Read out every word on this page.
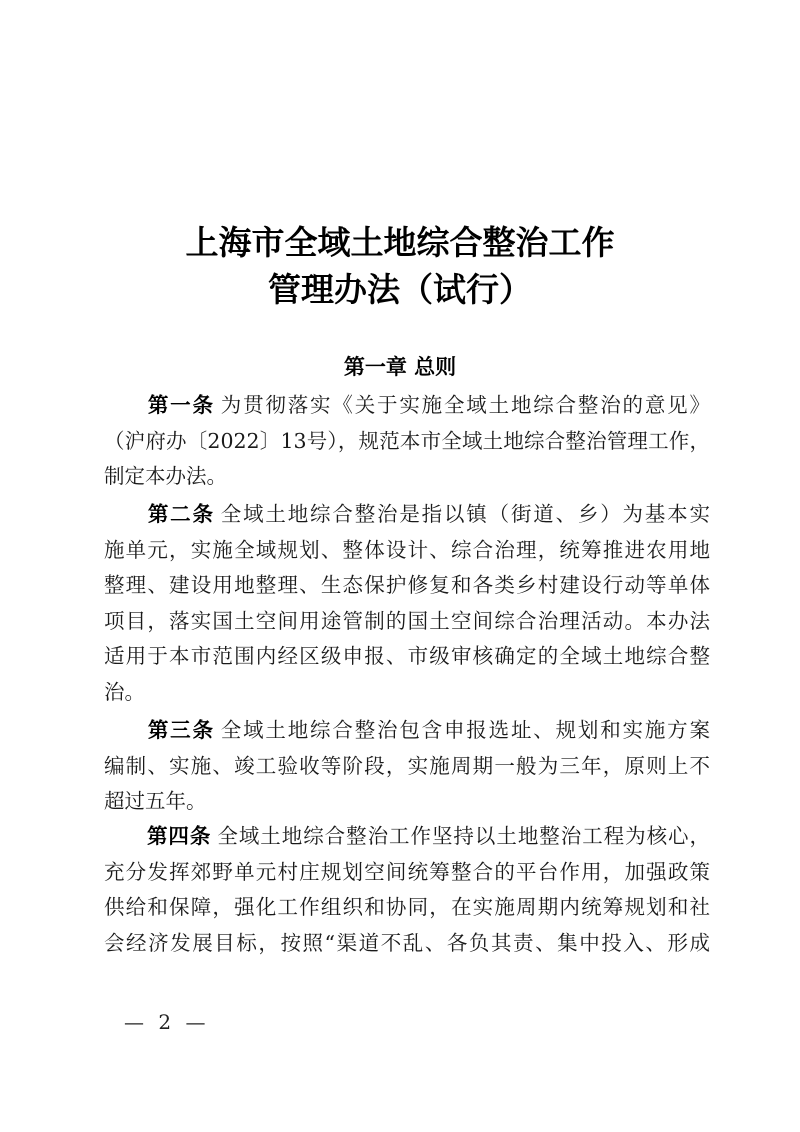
上海市全域土地综合整治工作
管理办法（试行）
第一章 总则
第一条 为贯彻落实《关于实施全域土地综合整治的意见》
（沪府办〔2022〕13号），规范本市全域土地综合整治管理工作，
制定本办法。
第二条 全域土地综合整治是指以镇（街道、乡）为基本实
施单元，实施全域规划、整体设计、综合治理，统筹推进农用地
整理、建设用地整理、生态保护修复和各类乡村建设行动等单体
项目，落实国土空间用途管制的国土空间综合治理活动。本办法
适用于本市范围内经区级申报、市级审核确定的全域土地综合整
治。
第三条 全域土地综合整治包含申报选址、规划和实施方案
编制、实施、竣工验收等阶段，实施周期一般为三年，原则上不
超过五年。
第四条 全域土地综合整治工作坚持以土地整治工程为核心，
充分发挥郊野单元村庄规划空间统筹整合的平台作用，加强政策
供给和保障，强化工作组织和协同，在实施周期内统筹规划和社
会经济发展目标，按照“渠道不乱、各负其责、集中投入、形成
— 2 —
